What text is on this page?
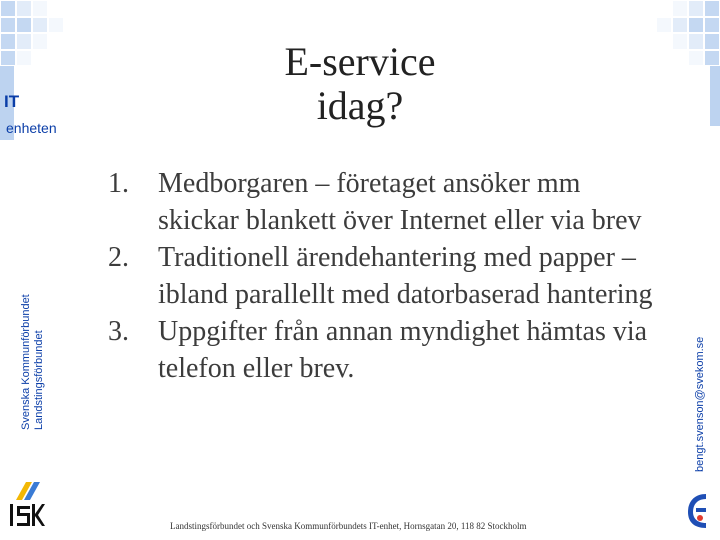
IT
enheten
Svenska Kommunförbundet Landstingsförbundet	bengt.svenson@svekom.se
E-service
idag?
1. Medborgaren – företaget ansöker mm skickar blankett över Internet eller via brev
2. Traditionell ärendehantering med papper – ibland parallellt med datorbaserad hantering
3. Uppgifter från annan myndighet hämtas via telefon eller brev.
Landstingsförbundet och Svenska Kommunförbundets IT-enhet, Hornsgatan 20, 118 82 Stockholm
